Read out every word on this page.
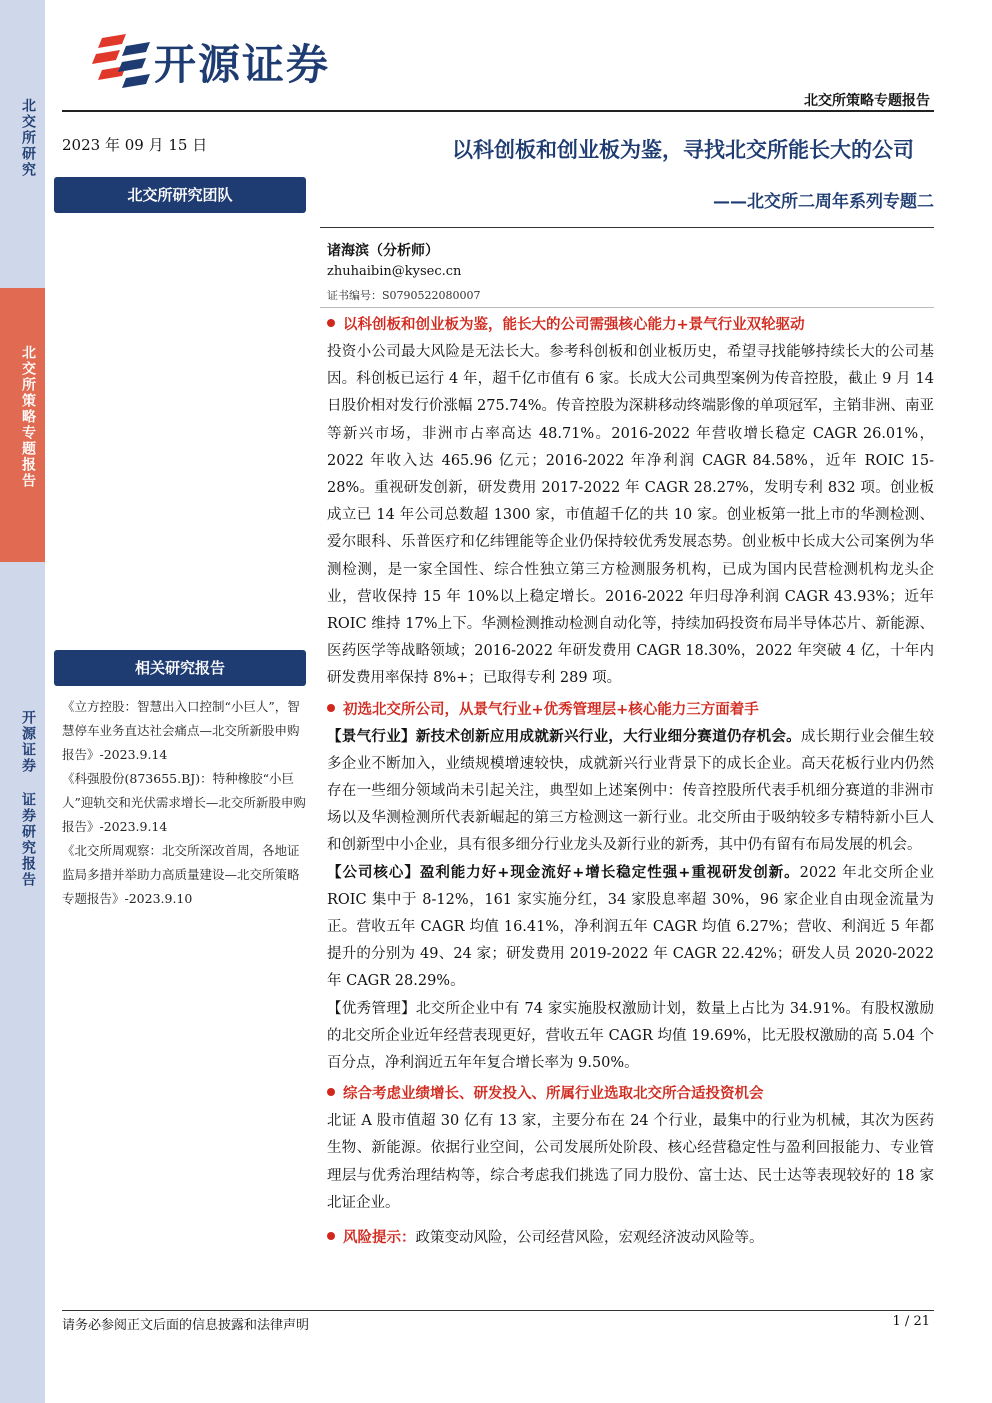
北交所研究
北交所策略专题报告
开源证券 证券研究报告
开源证券
北交所策略专题报告
2023 年 09 月 15 日
北交所研究团队
相关研究报告
《立方控股：智慧出入口控制“小巨人”，智慧停车业务直达社会痛点—北交所新股申购报告》-2023.9.14
《科强股份(873655.BJ)：特种橡胶“小巨人”迎轨交和光伏需求增长—北交所新股申购报告》-2023.9.14
《北交所周观察：北交所深改首周，各地证监局多措并举助力高质量建设—北交所策略专题报告》-2023.9.10
以科创板和创业板为鉴，寻找北交所能长大的公司
——北交所二周年系列专题二
诸海滨（分析师）
zhuhaibin@kysec.cn
证书编号：S0790522080007
以科创板和创业板为鉴，能长大的公司需强核心能力+景气行业双轮驱动

投资小公司最大风险是无法长大。参考科创板和创业板历史，希望寻找能够持续长大的公司基因。科创板已运行 4 年，超千亿市值有 6 家。长成大公司典型案例为传音控股，截止 9 月 14 日股价相对发行价涨幅 275.74%。传音控股为深耕移动终端影像的单项冠军，主销非洲、南亚等新兴市场，非洲市占率高达 48.71%。2016-2022 年营收增长稳定 CAGR 26.01%，2022 年收入达 465.96 亿元；2016-2022 年净利润 CAGR 84.58%，近年 ROIC 15-28%。重视研发创新，研发费用 2017-2022 年 CAGR 28.27%，发明专利 832 项。创业板成立已 14 年公司总数超 1300 家，市值超千亿的共 10 家。创业板第一批上市的华测检测、爱尔眼科、乐普医疗和亿纬锂能等企业仍保持较优秀发展态势。创业板中长成大公司案例为华测检测，是一家全国性、综合性独立第三方检测服务机构，已成为国内民营检测机构龙头企业，营收保持 15 年 10%以上稳定增长。2016-2022 年归母净利润 CAGR 43.93%；近年 ROIC 维持 17%上下。华测检测推动检测自动化等，持续加码投资布局半导体芯片、新能源、医药医学等战略领域；2016-2022 年研发费用 CAGR 18.30%，2022 年突破 4 亿，十年内研发费用率保持 8%+；已取得专利 289 项。

初选北交所公司，从景气行业+优秀管理层+核心能力三方面着手

【景气行业】新技术创新应用成就新兴行业，大行业细分赛道仍存机会。成长期行业会催生较多企业不断加入，业绩规模增速较快，成就新兴行业背景下的成长企业。高天花板行业内仍然存在一些细分领域尚未引起关注，典型如上述案例中：传音控股所代表手机细分赛道的非洲市场以及华测检测所代表新崛起的第三方检测这一新行业。北交所由于吸纳较多专精特新小巨人和创新型中小企业，具有很多细分行业龙头及新行业的新秀，其中仍有留有布局发展的机会。

【公司核心】盈利能力好+现金流好+增长稳定性强+重视研发创新。2022 年北交所企业 ROIC 集中于 8-12%，161 家实施分红，34 家股息率超 30%，96 家企业自由现金流量为正。营收五年 CAGR 均值 16.41%，净利润五年 CAGR 均值 6.27%；营收、利润近 5 年都提升的分别为 49、24 家；研发费用 2019-2022 年 CAGR 22.42%；研发人员 2020-2022 年 CAGR 28.29%。

【优秀管理】北交所企业中有 74 家实施股权激励计划，数量上占比为 34.91%。有股权激励的北交所企业近年经营表现更好，营收五年 CAGR 均值 19.69%，比无股权激励的高 5.04 个百分点，净利润近五年年复合增长率为 9.50%。

综合考虑业绩增长、研发投入、所属行业选取北交所合适投资机会

北证 A 股市值超 30 亿有 13 家，主要分布在 24 个行业，最集中的行业为机械，其次为医药生物、新能源。依据行业空间，公司发展所处阶段、核心经营稳定性与盈利回报能力、专业管理层与优秀治理结构等，综合考虑我们挑选了同力股份、富士达、民士达等表现较好的 18 家北证企业。

风险提示：政策变动风险，公司经营风险，宏观经济波动风险等。
请务必参阅正文后面的信息披露和法律声明	1 / 21
